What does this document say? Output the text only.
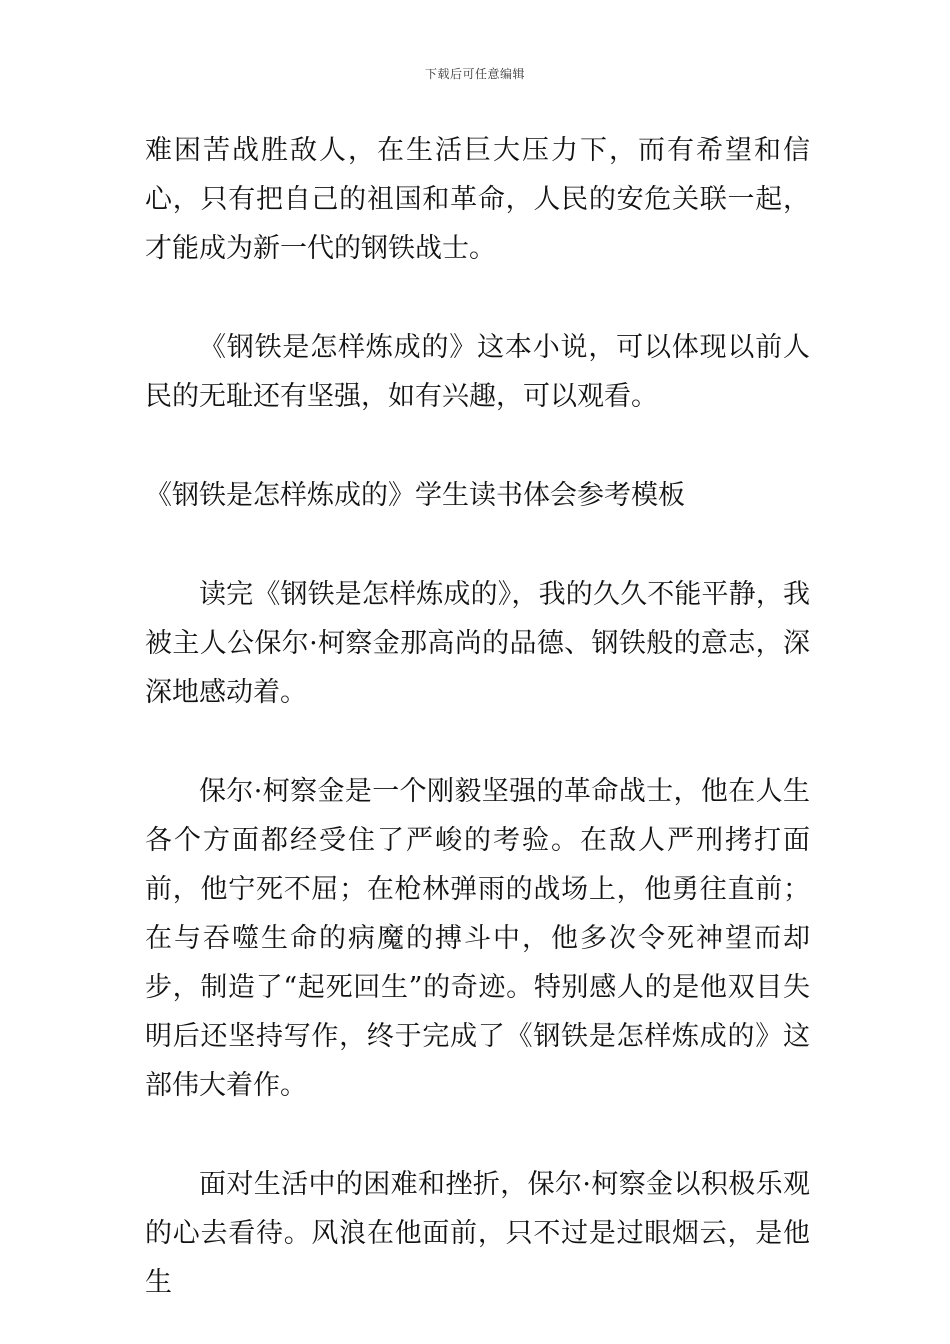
下载后可任意编辑

难困苦战胜敌人，在生活巨大压力下，而有希望和信心，只有把自己的祖国和革命，人民的安危关联一起，才能成为新一代的钢铁战士。

《钢铁是怎样炼成的》这本小说，可以体现以前人民的无耻还有坚强，如有兴趣，可以观看。

《钢铁是怎样炼成的》学生读书体会参考模板

读完《钢铁是怎样炼成的》，我的久久不能平静，我被主人公保尔·柯察金那高尚的品德、钢铁般的意志，深深地感动着。

保尔·柯察金是一个刚毅坚强的革命战士，他在人生各个方面都经受住了严峻的考验。在敌人严刑拷打面前，他宁死不屈；在枪林弹雨的战场上，他勇往直前；在与吞噬生命的病魔的搏斗中，他多次令死神望而却步，制造了“起死回生”的奇迹。特别感人的是他双目失明后还坚持写作，终于完成了《钢铁是怎样炼成的》这部伟大着作。

面对生活中的困难和挫折，保尔·柯察金以积极乐观的心去看待。风浪在他面前，只不过是过眼烟云，是他生
